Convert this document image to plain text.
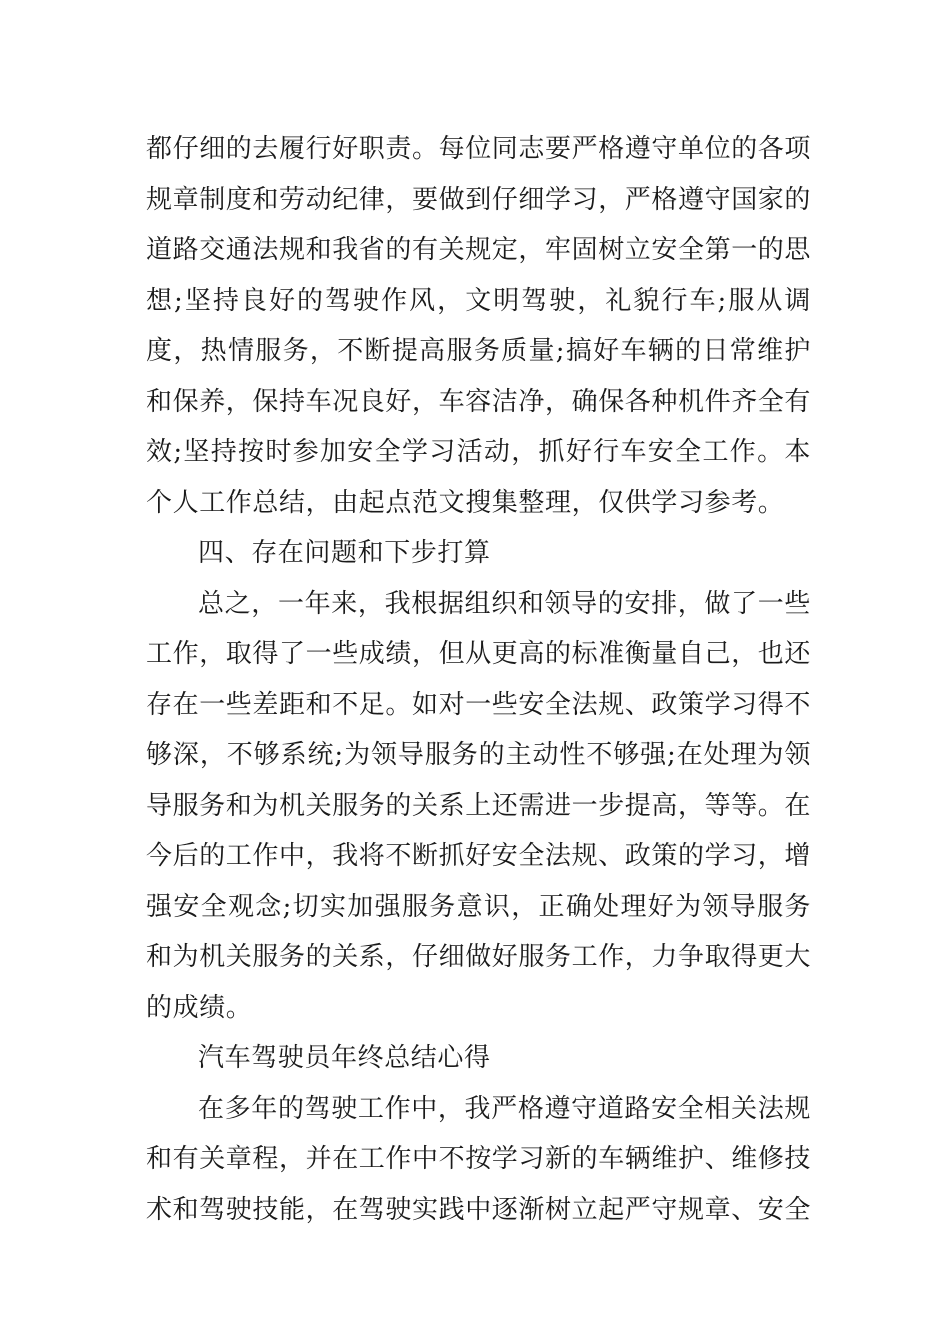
都仔细的去履行好职责。每位同志要严格遵守单位的各项规章制度和劳动纪律，要做到仔细学习，严格遵守国家的道路交通法规和我省的有关规定，牢固树立安全第一的思想;坚持良好的驾驶作风，文明驾驶，礼貌行车;服从调度，热情服务，不断提高服务质量;搞好车辆的日常维护和保养，保持车况良好，车容洁净，确保各种机件齐全有效;坚持按时参加安全学习活动，抓好行车安全工作。本个人工作总结，由起点范文搜集整理，仅供学习参考。

四、存在问题和下步打算

总之，一年来，我根据组织和领导的安排，做了一些工作，取得了一些成绩，但从更高的标准衡量自己，也还存在一些差距和不足。如对一些安全法规、政策学习得不够深，不够系统;为领导服务的主动性不够强;在处理为领导服务和为机关服务的关系上还需进一步提高，等等。在今后的工作中，我将不断抓好安全法规、政策的学习，增强安全观念;切实加强服务意识，正确处理好为领导服务和为机关服务的关系，仔细做好服务工作，力争取得更大的成绩。

汽车驾驶员年终总结心得

在多年的驾驶工作中，我严格遵守道路安全相关法规和有关章程，并在工作中不按学习新的车辆维护、维修技术和驾驶技能，在驾驶实践中逐渐树立起严守规章、安全
